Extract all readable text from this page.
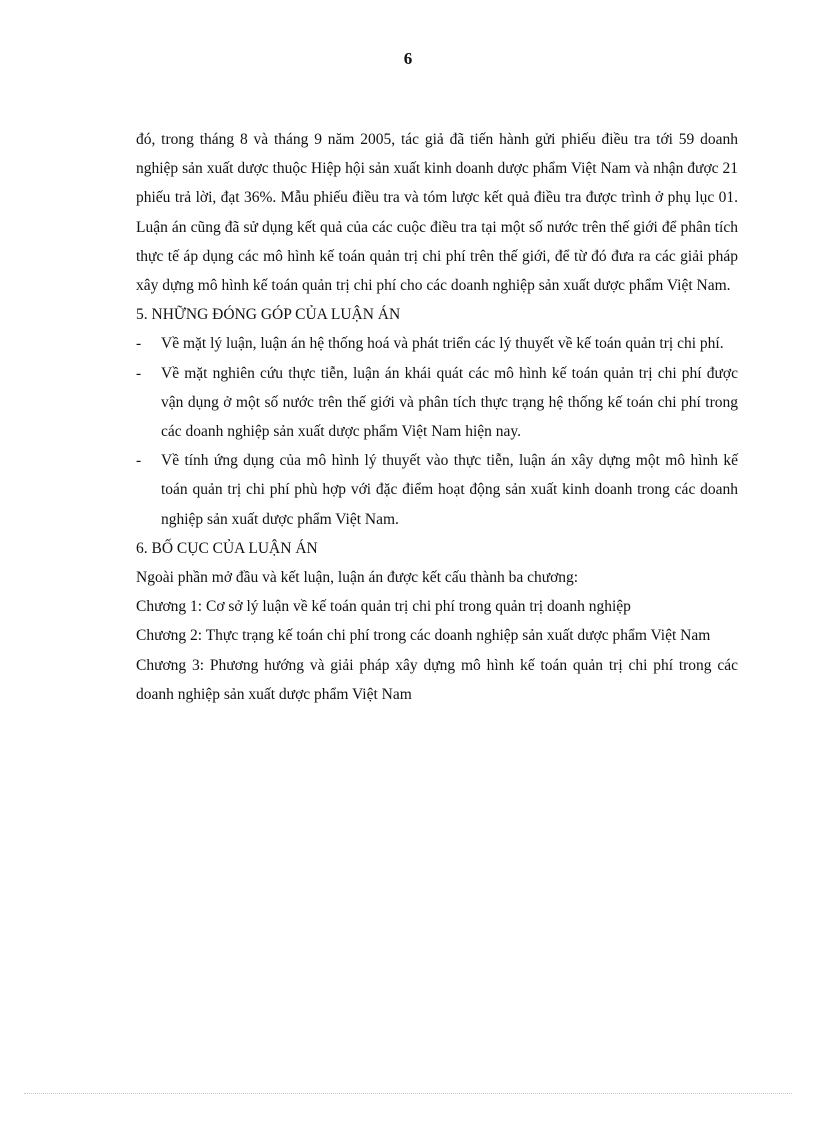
6

đó, trong tháng 8 và tháng 9 năm 2005, tác giả đã tiến hành gửi phiếu điều tra tới 59 doanh nghiệp sản xuất dược thuộc Hiệp hội sản xuất kinh doanh dược phẩm Việt Nam và nhận được 21 phiếu trả lời, đạt 36%. Mẫu phiếu điều tra và tóm lược kết quả điều tra được trình ở phụ lục 01. Luận án cũng đã sử dụng kết quả của các cuộc điều tra tại một số nước trên thế giới để phân tích thực tế áp dụng các mô hình kế toán quản trị chi phí trên thế giới, để từ đó đưa ra các giải pháp xây dựng mô hình kế toán quản trị chi phí cho các doanh nghiệp sản xuất dược phẩm Việt Nam.

5. NHỮNG ĐÓNG GÓP CỦA LUẬN ÁN
- Về mặt lý luận, luận án hệ thống hoá và phát triển các lý thuyết về kế toán quản trị chi phí.
- Về mặt nghiên cứu thực tiễn, luận án khái quát các mô hình kế toán quản trị chi phí được vận dụng ở một số nước trên thế giới và phân tích thực trạng hệ thống kế toán chi phí trong các doanh nghiệp sản xuất dược phẩm Việt Nam hiện nay.
- Về tính ứng dụng của mô hình lý thuyết vào thực tiễn, luận án xây dựng một mô hình kế toán quản trị chi phí phù hợp với đặc điểm hoạt động sản xuất kinh doanh trong các doanh nghiệp sản xuất dược phẩm Việt Nam.
6. BỐ CỤC CỦA LUẬN ÁN

Ngoài phần mở đầu và kết luận, luận án được kết cấu thành ba chương:

Chương 1: Cơ sở lý luận về kế toán quản trị chi phí trong quản trị doanh nghiệp

Chương 2: Thực trạng kế toán chi phí trong các doanh nghiệp sản xuất dược phẩm Việt Nam

Chương 3: Phương hướng và giải pháp xây dựng mô hình kế toán quản trị chi phí trong các doanh nghiệp sản xuất dược phẩm Việt Nam
